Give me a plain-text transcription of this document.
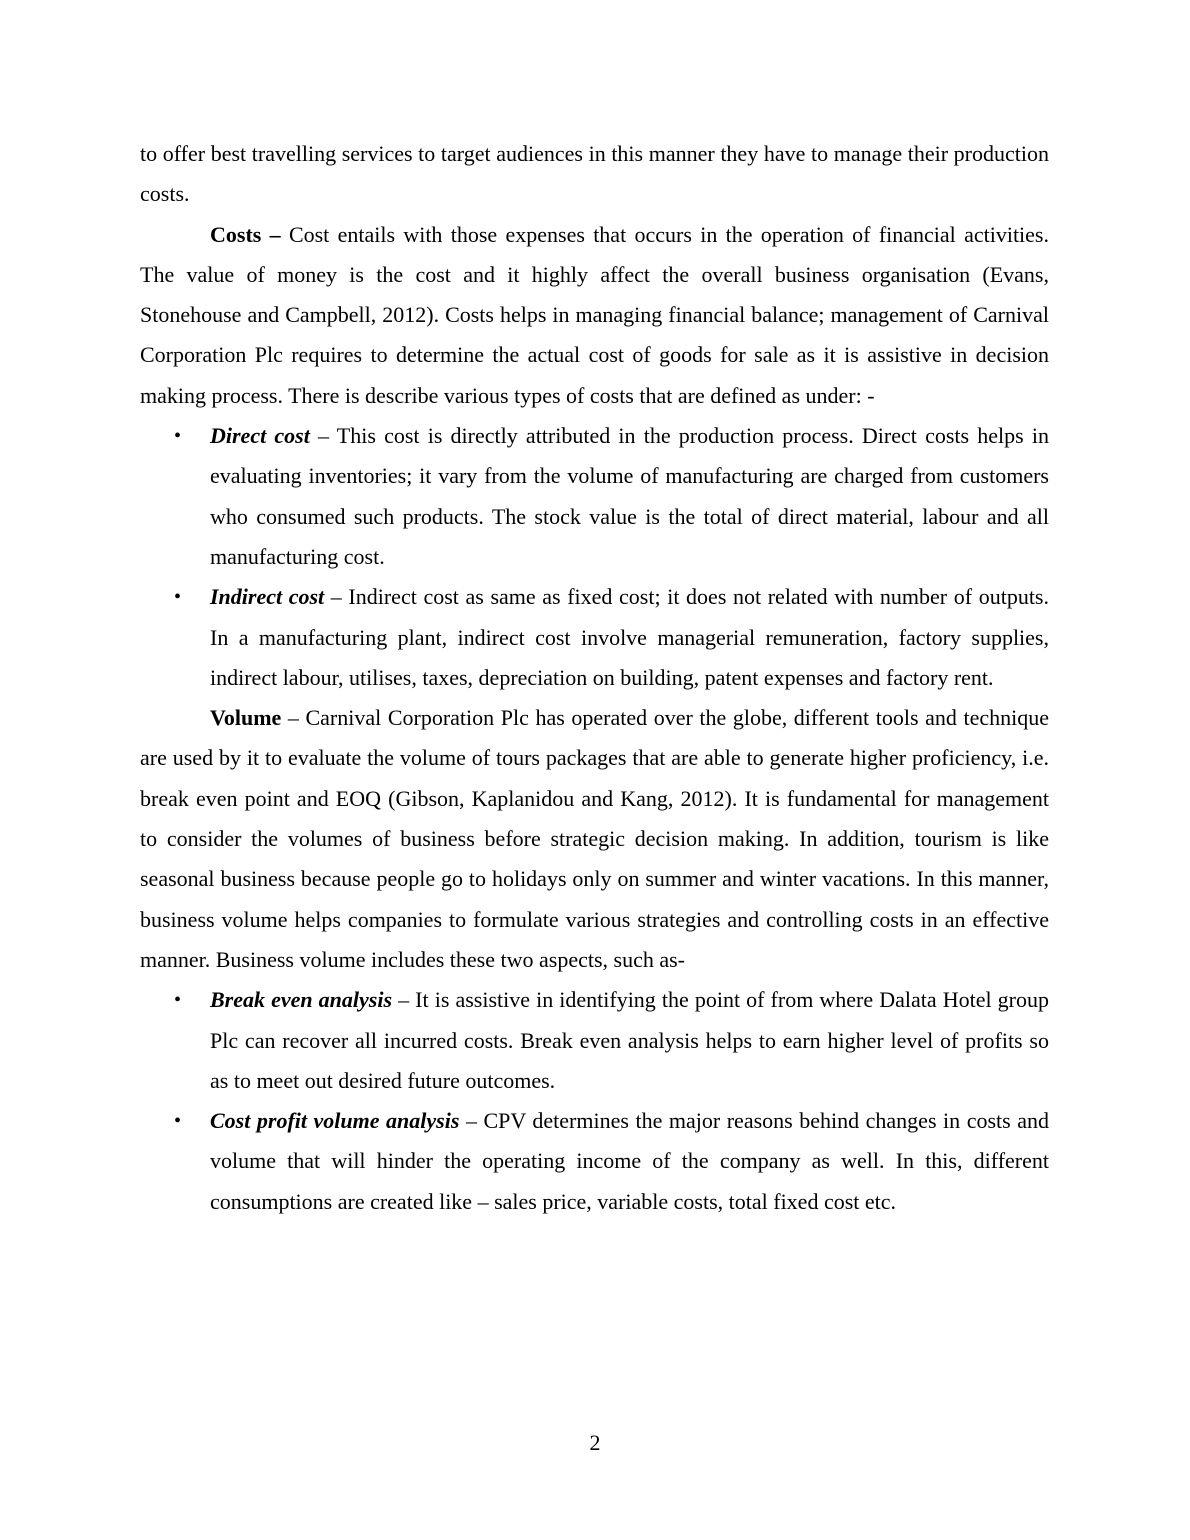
to offer best travelling services to target audiences in this manner they have to manage their production costs.

Costs – Cost entails with those expenses that occurs in the operation of financial activities. The value of money is the cost and it highly affect the overall business organisation (Evans, Stonehouse and Campbell, 2012). Costs helps in managing financial balance; management of Carnival Corporation Plc requires to determine the actual cost of goods for sale as it is assistive in decision making process. There is describe various types of costs that are defined as under: -

• Direct cost – This cost is directly attributed in the production process. Direct costs helps in evaluating inventories; it vary from the volume of manufacturing are charged from customers who consumed such products. The stock value is the total of direct material, labour and all manufacturing cost.
• Indirect cost – Indirect cost as same as fixed cost; it does not related with number of outputs. In a manufacturing plant, indirect cost involve managerial remuneration, factory supplies, indirect labour, utilises, taxes, depreciation on building, patent expenses and factory rent.

Volume – Carnival Corporation Plc has operated over the globe, different tools and technique are used by it to evaluate the volume of tours packages that are able to generate higher proficiency, i.e. break even point and EOQ (Gibson, Kaplanidou and Kang, 2012). It is fundamental for management to consider the volumes of business before strategic decision making. In addition, tourism is like seasonal business because people go to holidays only on summer and winter vacations. In this manner, business volume helps companies to formulate various strategies and controlling costs in an effective manner. Business volume includes these two aspects, such as-

• Break even analysis – It is assistive in identifying the point of from where Dalata Hotel group Plc can recover all incurred costs. Break even analysis helps to earn higher level of profits so as to meet out desired future outcomes.
• Cost profit volume analysis – CPV determines the major reasons behind changes in costs and volume that will hinder the operating income of the company as well. In this, different consumptions are created like – sales price, variable costs, total fixed cost etc.
2
